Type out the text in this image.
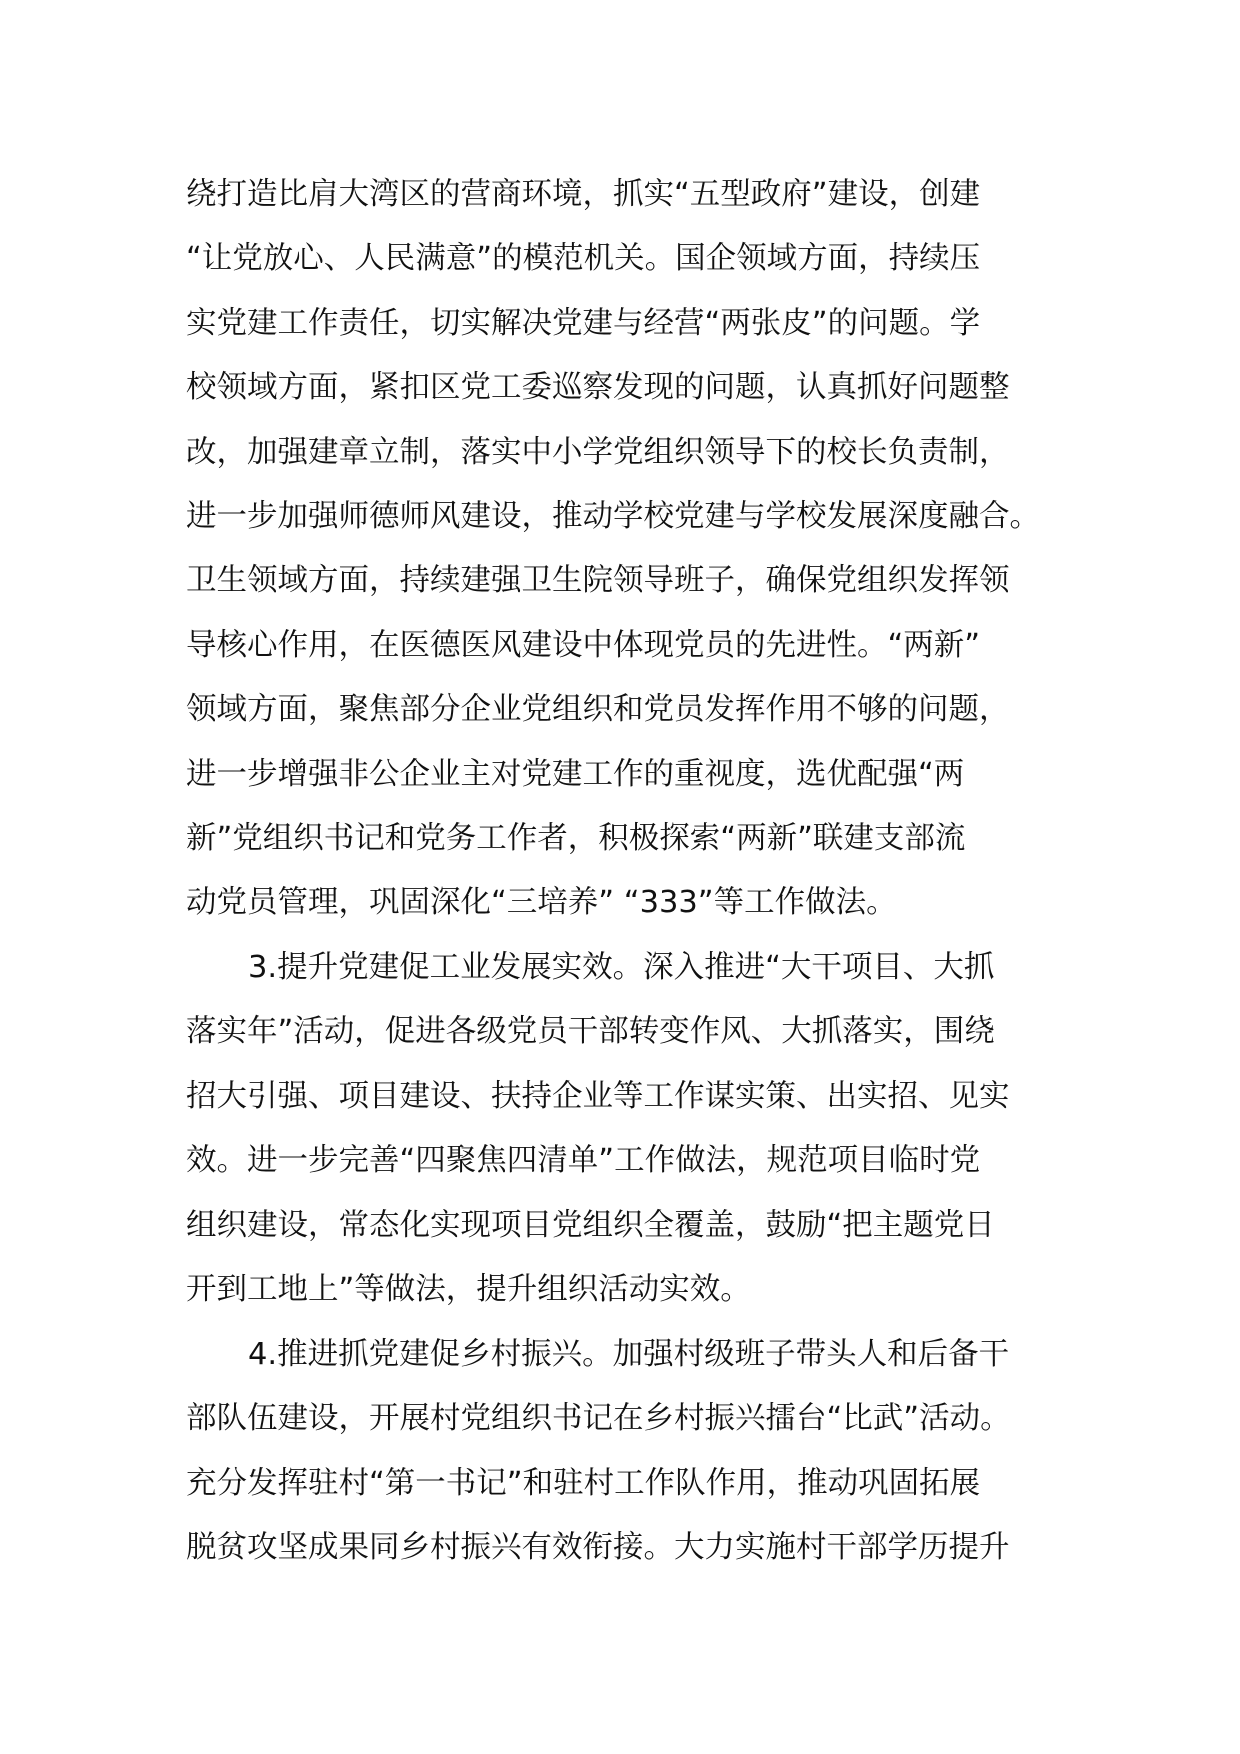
绕打造比肩大湾区的营商环境，抓实“五型政府”建设，创建
“让党放心、人民满意”的模范机关。国企领域方面，持续压
实党建工作责任，切实解决党建与经营“两张皮”的问题。学
校领域方面，紧扣区党工委巡察发现的问题，认真抓好问题整
改，加强建章立制，落实中小学党组织领导下的校长负责制，
进一步加强师德师风建设，推动学校党建与学校发展深度融合。
卫生领域方面，持续建强卫生院领导班子，确保党组织发挥领
导核心作用，在医德医风建设中体现党员的先进性。“两新”
领域方面，聚焦部分企业党组织和党员发挥作用不够的问题，
进一步增强非公企业主对党建工作的重视度，选优配强“两
新”党组织书记和党务工作者，积极探索“两新”联建支部流
动党员管理，巩固深化“三培养” “333”等工作做法。
3.提升党建促工业发展实效。深入推进“大干项目、大抓
落实年”活动，促进各级党员干部转变作风、大抓落实，围绕
招大引强、项目建设、扶持企业等工作谋实策、出实招、见实
效。进一步完善“四聚焦四清单”工作做法，规范项目临时党
组织建设，常态化实现项目党组织全覆盖，鼓励“把主题党日
开到工地上”等做法，提升组织活动实效。
4.推进抓党建促乡村振兴。加强村级班子带头人和后备干
部队伍建设，开展村党组织书记在乡村振兴擂台“比武”活动。
充分发挥驻村“第一书记”和驻村工作队作用，推动巩固拓展
脱贫攻坚成果同乡村振兴有效衔接。大力实施村干部学历提升
